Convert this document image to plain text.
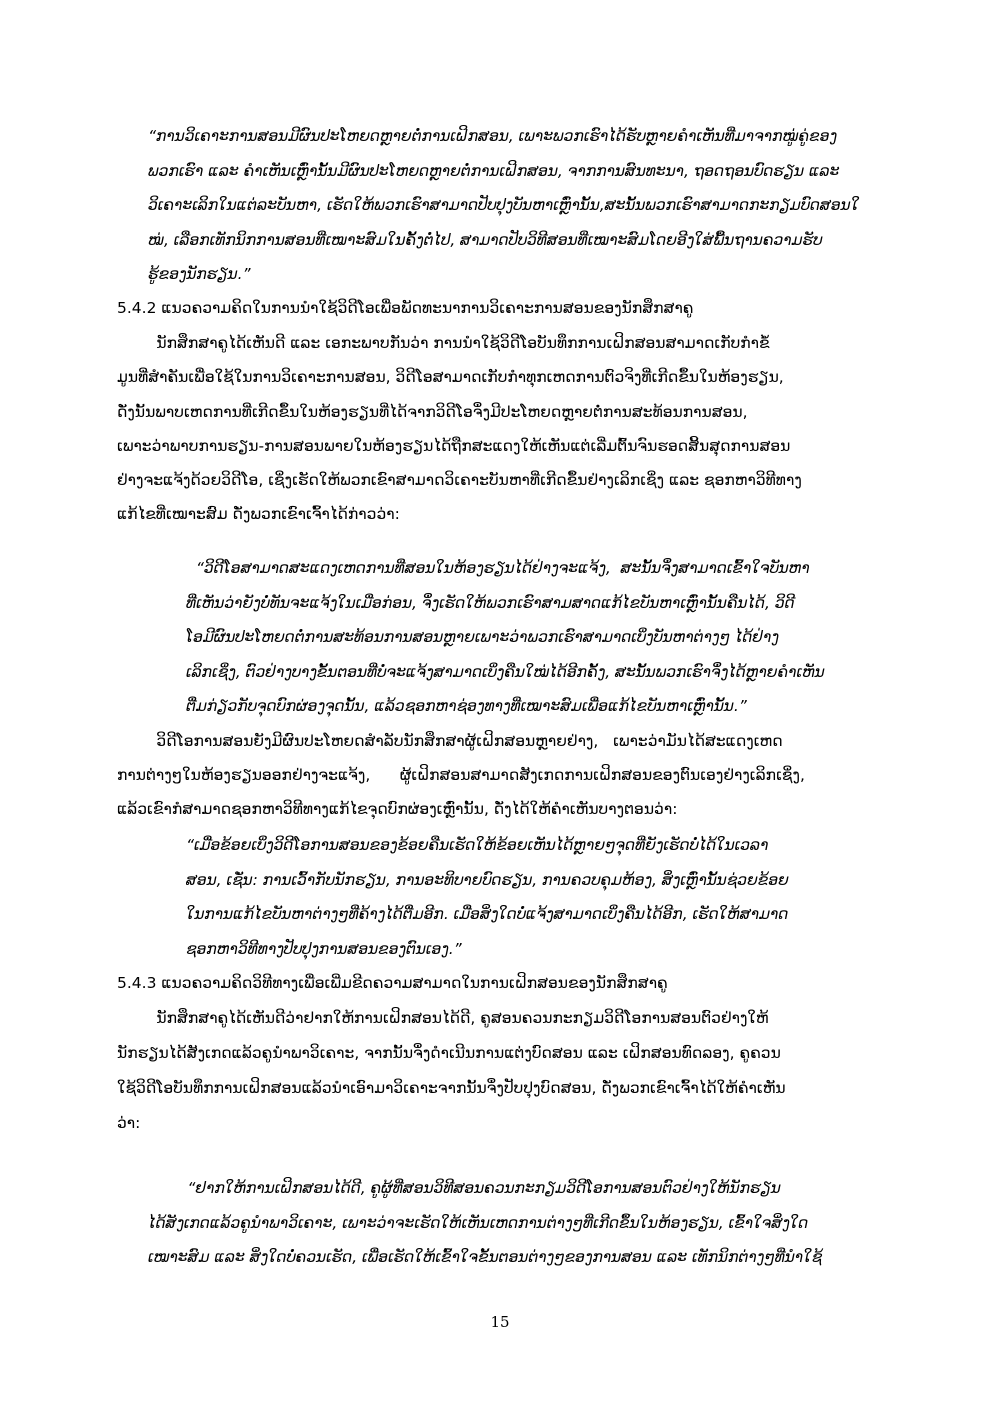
“ການວິເຄາະການສອນມີຜົນປະໂຫຍດຫຼາຍຕໍ່ການເຝິກສອນ, ເພາະພວກເຮົາໄດ້ຮັບຫຼາຍຄຳເຫັນທີ່ມາຈາກໝູ່ຄູ່ຂອງ
ພວກເຮົາ ແລະ ຄຳເຫັນເຫຼົ່ານັ້ນມີຜົນປະໂຫຍດຫຼາຍຕໍ່ການເຝິກສອນ, ຈາກການສົນທະນາ, ຖອດຖອນບົດຮຽນ ແລະ
ວິເຄາະເລິກໃນແຕ່ລະບັນຫາ, ເຮັດໃຫ້ພວກເຮົາສາມາດປັບປຸງບັນຫາເຫຼົ່ານັ້ນ,ສະນັ້ນພວກເຮົາສາມາດກະກຽມບົດສອນໃ
ໝ່, ເລືອກເທັກນິກການສອນທີ່ເໝາະສົມໃນຄັ້ງຕໍ່ໄປ, ສາມາດປັບວິທີສອນທີ່ເໝາະສົມໂດຍອີງໃສ່ພື້ນຖານຄວາມຮັບ
ຮູ້ຂອງນັກຮຽນ.”
5.4.2 ແນວຄວາມຄິດໃນການນຳໃຊ້ວິດີໂອເພື່ອພັດທະນາການວິເຄາະການສອນຂອງນັກສຶກສາຄູ
ນັກສຶກສາຄູໄດ້ເຫັນດີ ແລະ ເອກະພາບກັນວ່າ ການນຳໃຊ້ວິດີໂອບັນທຶກການເຝິກສອນສາມາດເກັບກຳຂໍ້
ມູນທີ່ສຳຄັນເພື່ອໃຊ້ໃນການວິເຄາະການສອນ, ວິດີໂອສາມາດເກັບກຳທຸກເຫດການຕົວຈິງທີ່ເກີດຂຶ້ນໃນຫ້ອງຮຽນ,
ດັ່ງນັ້ນພາບເຫດການທີ່ເກີດຂຶ້ນໃນຫ້ອງຮຽນທີ່ໄດ້ຈາກວິດີໂອຈຶ່ງມີປະໂຫຍດຫຼາຍຕໍ່ການສະທ້ອນການສອນ,
ເພາະວ່າພາບການຮຽນ-ການສອນພາຍໃນຫ້ອງຮຽນໄດ້ຖືກສະແດງໃຫ້ເຫັນແຕ່ເລີ່ມຕົ້ນຈົນຮອດສິ້ນສຸດການສອນ
ຢ່າງຈະແຈ້ງດ້ວຍວິດີໂອ, ເຊິ່ງເຮັດໃຫ້ພວກເຂົາສາມາດວິເຄາະບັນຫາທີ່ເກີດຂຶ້ນຢ່າງເລິກເຊິ່ງ ແລະ ຊອກຫາວິທີທາງ
ແກ້ໄຂທີ່ເໝາະສົມ ດັ່ງພວກເຂົາເຈົ້າໄດ້ກ່າວວ່າ:
“ວິດີໂອສາມາດສະແດງເຫດການທີ່ສອນໃນຫ້ອງຮຽນໄດ້ຢ່າງຈະແຈ້ງ,  ສະນັ້ນຈຶ່ງສາມາດເຂົ້າໃຈບັນຫາ
ທີ່ເຫັນວ່າຍັງບໍ່ທັນຈະແຈ້ງໃນເມື່ອກ່ອນ, ຈຶ່ງເຮັດໃຫ້ພວກເຮົາສາມສາດແກ້ໄຂບັນຫາເຫຼົ່ານັ້ນຄືນໄດ້, ວິດີ
ໂອມີຜົນປະໂຫຍດຕໍ່ການສະທ້ອນການສອນຫຼາຍເພາະວ່າພວກເຮົາສາມາດເບິ່ງບັນຫາຕ່າງໆ ໄດ້ຢ່າງ
ເລິກເຊິ່ງ, ຕົວຢ່າງບາງຂັ້ນຕອນທີ່ບໍ່ຈະແຈ້ງສາມາດເບິ່ງຄືນໃໝ່ໄດ້ອີກຄັ້ງ, ສະນັ້ນພວກເຮົາຈຶ່ງໄດ້ຫຼາຍຄຳເຫັນ
ຕື່ມກ່ຽວກັບຈຸດບົກຜ່ອງຈຸດນັ້ນ, ແລ້ວຊອກຫາຊ່ອງທາງທີ່ເໝາະສົມເພື່ອແກ້ໄຂບັນຫາເຫຼົ່ານັ້ນ.”
ວິດີໂອການສອນຍັງມີຜົນປະໂຫຍດສຳລັບນັກສຶກສາຜູ້ເຝິກສອນຫຼາຍຢ່າງ,   ເພາະວ່າມັນໄດ້ສະແດງເຫດ
ການຕ່າງໆໃນຫ້ອງຮຽນອອກຢ່າງຈະແຈ້ງ,      ຜູ້ເຝິກສອນສາມາດສັງເກດການເຝິກສອນຂອງຕົນເອງຢ່າງເລິກເຊິ່ງ,
ແລ້ວເຂົາກໍສາມາດຊອກຫາວິທີທາງແກ້ໄຂຈຸດບົກຜ່ອງເຫຼົ່ານັ້ນ, ດັ່ງໄດ້ໃຫ້ຄຳເຫັນບາງຕອນວ່າ:
“ເມື່ອຂ້ອຍເບິ່ງວິດີໂອການສອນຂອງຂ້ອຍຄືນເຮັດໃຫ້ຂ້ອຍເຫັນໄດ້ຫຼາຍໆຈຸດທີ່ຍັງເຮັດບໍ່ໄດ້ໃນເວລາ
ສອນ, ເຊັ່ນ: ການເວົ້າກັບນັກຮຽນ, ການອະທິບາຍບົດຮຽນ, ການຄວບຄຸມຫ້ອງ, ສິ່ງເຫຼົ່ານັ້ນຊ່ວຍຂ້ອຍ
ໃນການແກ້ໄຂບັນຫາຕ່າງໆທີ່ຄ້າງໄດ້ຕື່ມອີກ. ເມື່ອສິ່ງໃດບໍ່ແຈ້ງສາມາດເບິ່ງຄືນໄດ້ອີກ, ເຮັດໃຫ້ສາມາດ
ຊອກຫາວິທີທາງປັບປຸງການສອນຂອງຕົນເອງ.”
5.4.3 ແນວຄວາມຄິດວິທີທາງເພື່ອເພີ່ມຂີດຄວາມສາມາດໃນການເຝິກສອນຂອງນັກສຶກສາຄູ
ນັກສຶກສາຄູໄດ້ເຫັນດີວ່າຢາກໃຫ້ການເຝິກສອນໄດ້ດີ, ຄູສອນຄວນກະກຽມວິດີໂອການສອນຕົວຢ່າງໃຫ້
ນັກຮຽນໄດ້ສັງເກດແລ້ວຄູນຳພາວິເຄາະ, ຈາກນັ້ນຈຶ່ງດຳເນີນການແຕ່ງບົດສອນ ແລະ ເຝິກສອນທົດລອງ, ຄູຄວນ
ໃຊ້ວິດີໂອບັນທຶກການເຝິກສອນແລ້ວນຳເອົາມາວິເຄາະຈາກນັ້ນຈຶ່ງປັບປຸງບົດສອນ, ດັ່ງພວກເຂົາເຈົ້າໄດ້ໃຫ້ຄຳເຫັນ
ວ່າ:
“ຢາກໃຫ້ການເຝິກສອນໄດ້ດີ, ຄູຜູ້ທີ່ສອນວິທີສອນຄວນກະກຽມວິດີໂອການສອນຕົວຢ່າງໃຫ້ນັກຮຽນ
ໄດ້ສັງເກດແລ້ວຄູນຳພາວິເຄາະ, ເພາະວ່າຈະເຮັດໃຫ້ເຫັນເຫດການຕ່າງໆທີ່ເກີດຂຶ້ນໃນຫ້ອງຮຽນ, ເຂົ້າໃຈສິ່ງໃດ
ເໝາະສົມ ແລະ ສິ່ງໃດບໍ່ຄວນເຮັດ, ເພື່ອເຮັດໃຫ້ເຂົ້າໃຈຂັ້ນຕອນຕ່າງໆຂອງການສອນ ແລະ ເທັກນິກຕ່າງໆທີ່ນຳໃຊ້
15
